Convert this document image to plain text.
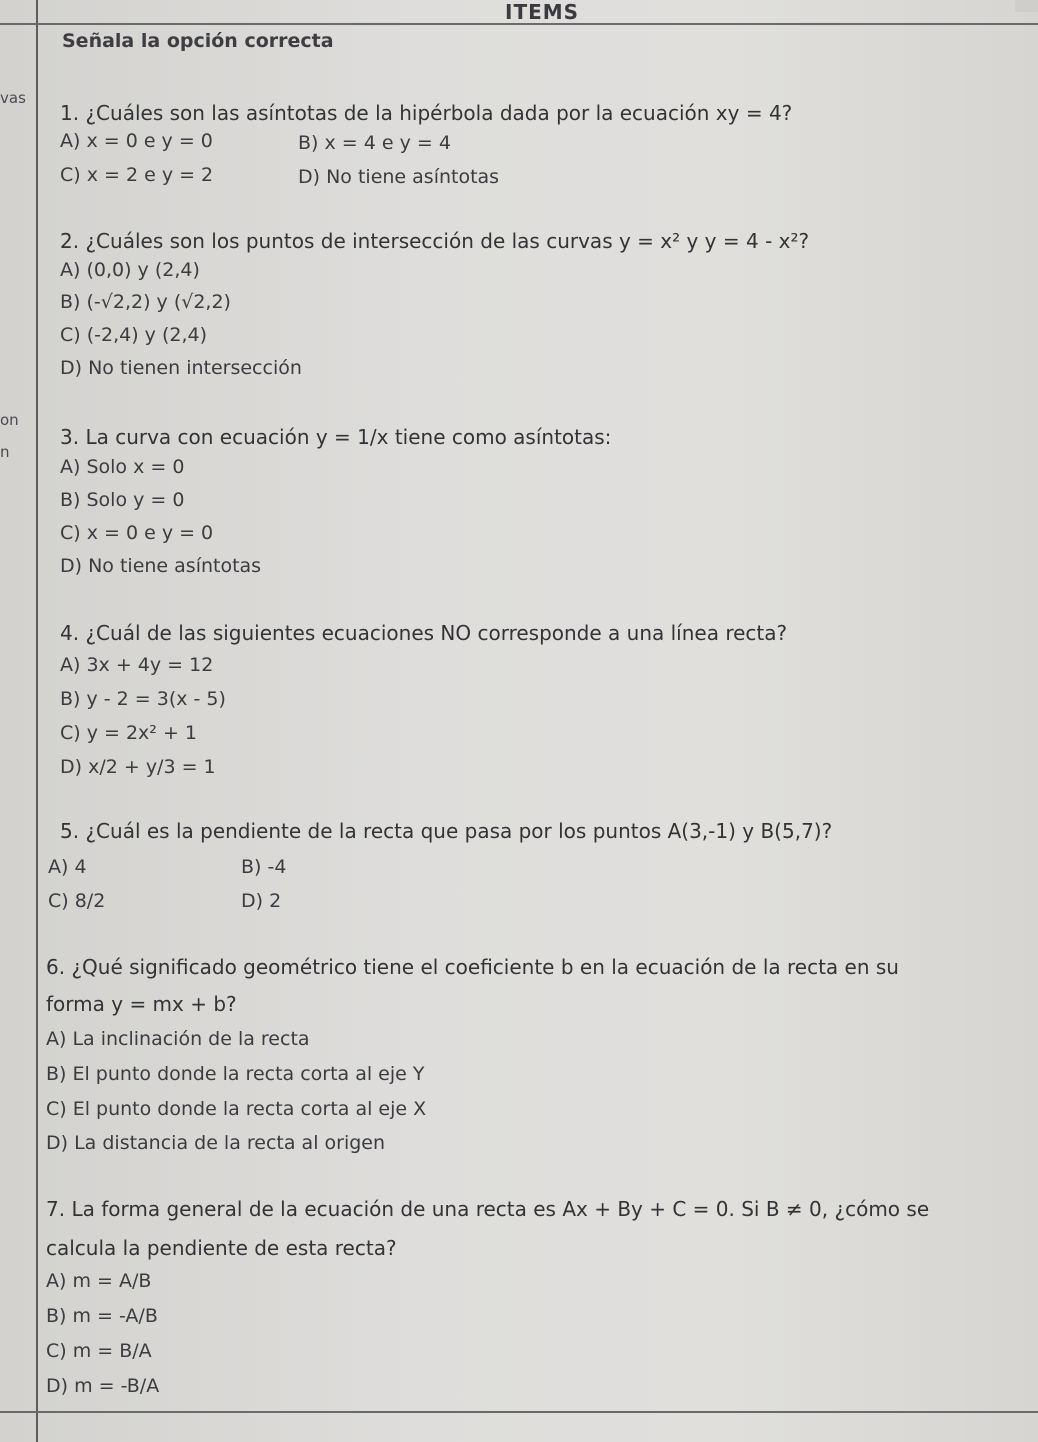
vas
on
n
ITEMS
Señala la opción correcta
1. ¿Cuáles son las asíntotas de la hipérbola dada por la ecuación xy = 4?
A) x = 0 e y = 0	B) x = 4 e y = 4
C) x = 2 e y = 2	D) No tiene asíntotas
2. ¿Cuáles son los puntos de intersección de las curvas y = x² y y = 4 - x²?
A) (0,0) y (2,4)
B) (-√2,2) y (√2,2)
C) (-2,4) y (2,4)
D) No tienen intersección
3. La curva con ecuación y = 1/x tiene como asíntotas:
A) Solo x = 0
B) Solo y = 0
C) x = 0 e y = 0
D) No tiene asíntotas
4. ¿Cuál de las siguientes ecuaciones NO corresponde a una línea recta?
A) 3x + 4y = 12
B) y - 2 = 3(x - 5)
C) y = 2x² + 1
D) x/2 + y/3 = 1
5. ¿Cuál es la pendiente de la recta que pasa por los puntos A(3,-1) y B(5,7)?
A) 4	B) -4
C) 8/2	D) 2
6. ¿Qué significado geométrico tiene el coeficiente b en la ecuación de la recta en su
forma y = mx + b?
A) La inclinación de la recta
B) El punto donde la recta corta al eje Y
C) El punto donde la recta corta al eje X
D) La distancia de la recta al origen
7. La forma general de la ecuación de una recta es Ax + By + C = 0. Si B ≠ 0, ¿cómo se
calcula la pendiente de esta recta?
A) m = A/B
B) m = -A/B
C) m = B/A
D) m = -B/A
